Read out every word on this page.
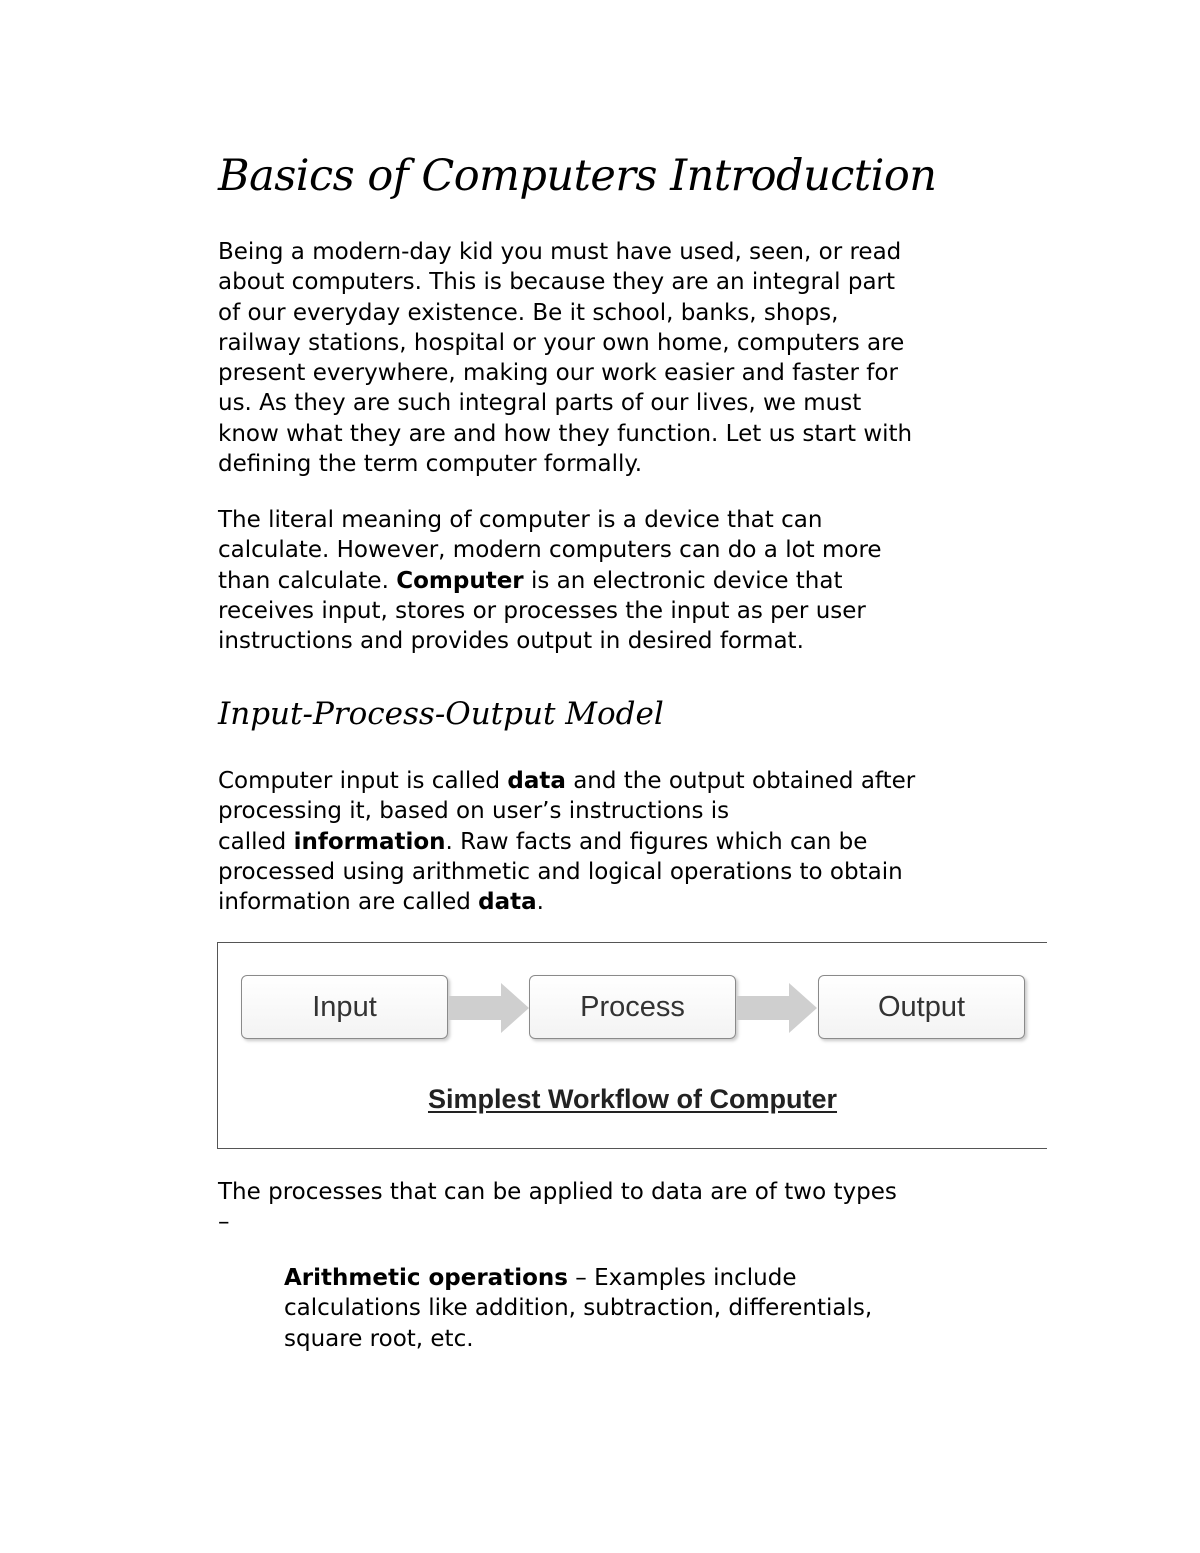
Basics of Computers Introduction

Being a modern-day kid you must have used, seen, or read
about computers. This is because they are an integral part
of our everyday existence. Be it school, banks, shops,
railway stations, hospital or your own home, computers are
present everywhere, making our work easier and faster for
us. As they are such integral parts of our lives, we must
know what they are and how they function. Let us start with
defining the term computer formally.

The literal meaning of computer is a device that can
calculate. However, modern computers can do a lot more
than calculate. Computer is an electronic device that
receives input, stores or processes the input as per user
instructions and provides output in desired format.

Input-Process-Output Model

Computer input is called data and the output obtained after
processing it, based on user’s instructions is
called information. Raw facts and figures which can be
processed using arithmetic and logical operations to obtain
information are called data.

Input	Process	Output
Simplest Workflow of Computer

The processes that can be applied to data are of two types
–

Arithmetic operations – Examples include
calculations like addition, subtraction, differentials,
square root, etc.
